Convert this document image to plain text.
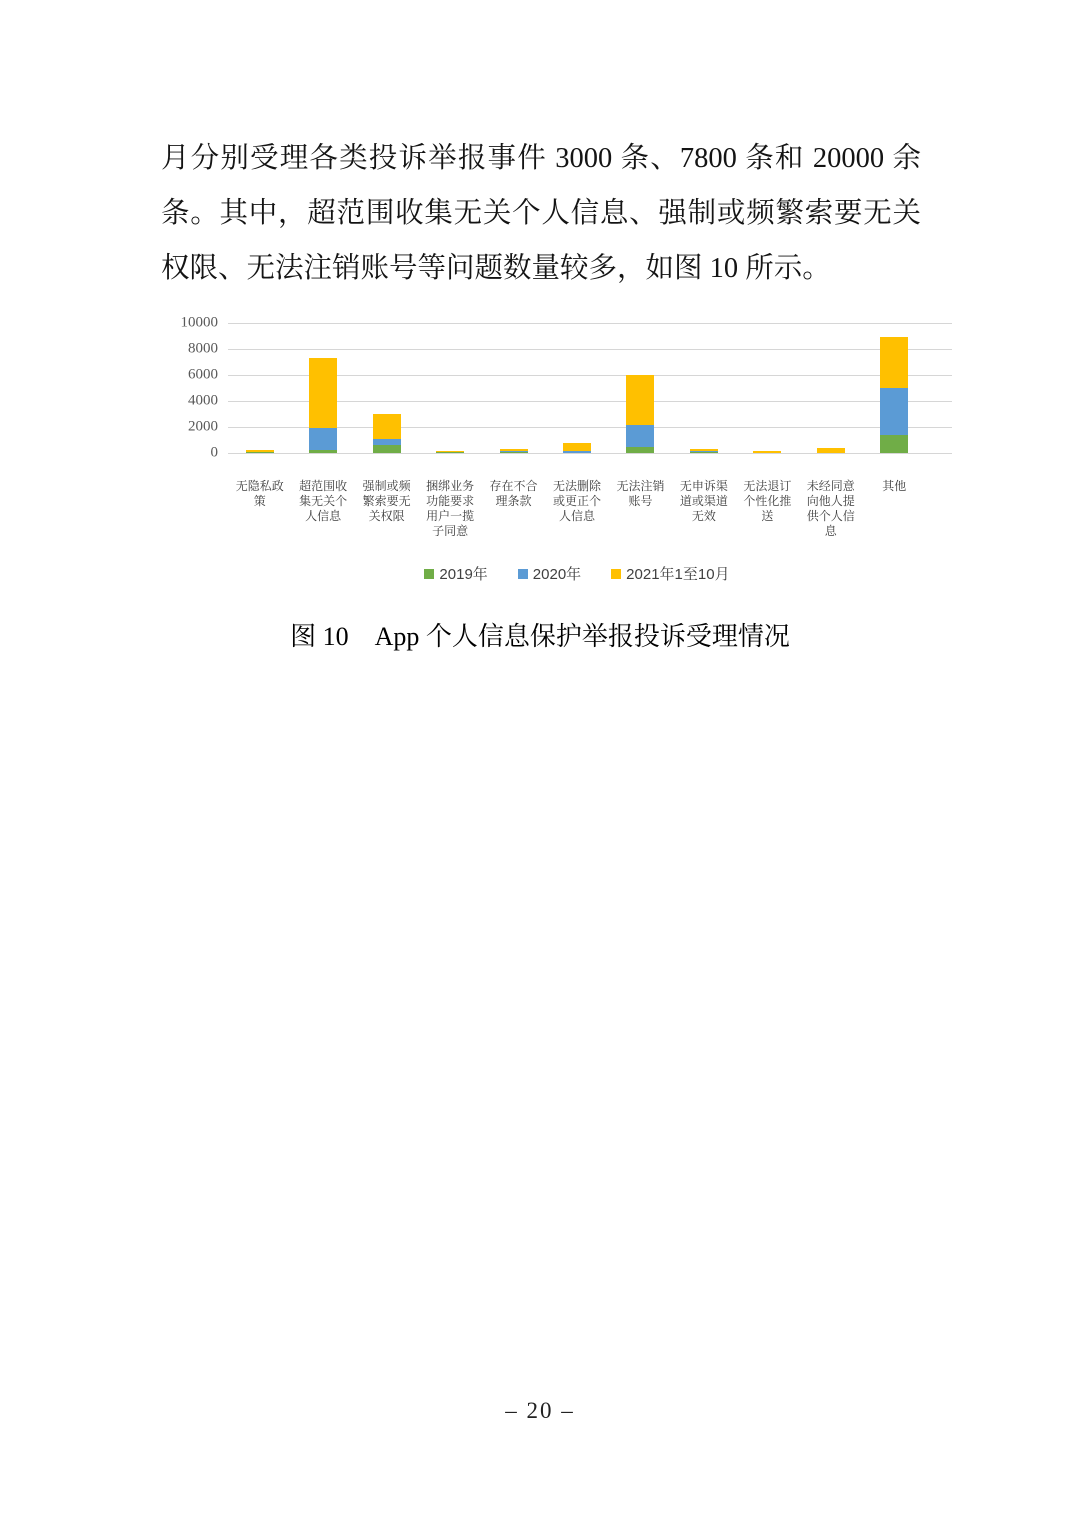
月分别受理各类投诉举报事件 3000 条、7800 条和 20000 余
条。其中，超范围收集无关个人信息、强制或频繁索要无关
权限、无法注销账号等问题数量较多，如图 10 所示。
0
2000
4000
6000
8000
10000
无隐私政策
超范围收集无关个人信息
强制或频繁索要无关权限
捆绑业务功能要求用户一揽子同意
存在不合理条款
无法删除或更正个人信息
无法注销账号
无申诉渠道或渠道无效
无法退订个性化推送
未经同意向他人提供个人信息
其他
2019年	2020年	2021年1至10月
图 10　App 个人信息保护举报投诉受理情况
– 20 –
